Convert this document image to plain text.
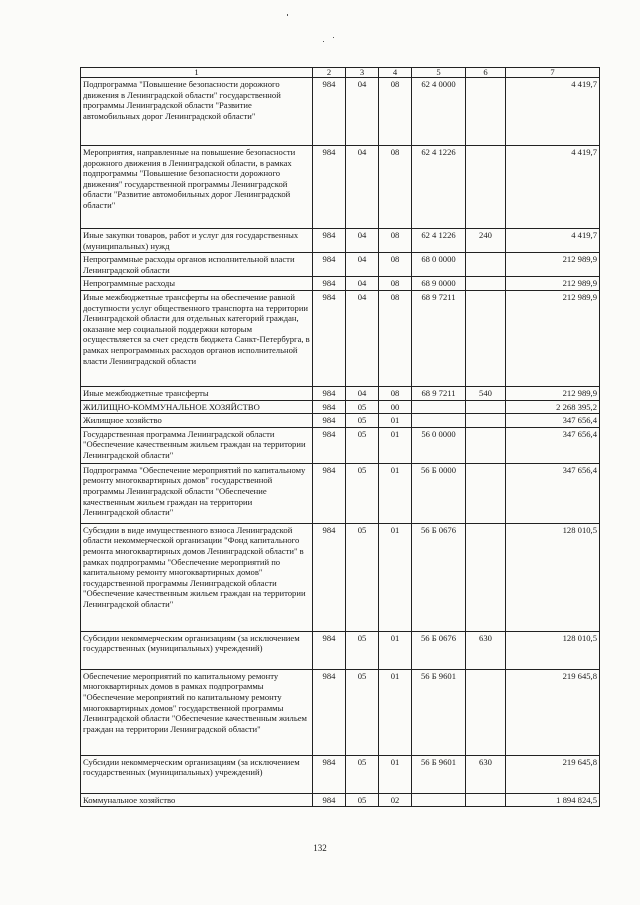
1	2	3	4	5	6	7
Подпрограмма "Повышение безопасности дорожного движения в Ленинградской области" государственной программы Ленинградской области "Развитие автомобильных дорог Ленинградской области"	984	04	08	62 4 0000		4 419,7
Мероприятия, направленные на повышение безопасности дорожного движения в Ленинградской области, в рамках подпрограммы "Повышение безопасности дорожного движения" государственной программы Ленинградской области "Развитие автомобильных дорог Ленинградской области"	984	04	08	62 4 1226		4 419,7
Иные закупки товаров, работ и услуг для государственных (муниципальных) нужд	984	04	08	62 4 1226	240	4 419,7
Непрограммные расходы органов исполнительной власти Ленинградской области	984	04	08	68 0 0000		212 989,9
Непрограммные расходы	984	04	08	68 9 0000		212 989,9
Иные межбюджетные трансферты на обеспечение равной доступности услуг общественного транспорта на территории Ленинградской области для отдельных категорий граждан, оказание мер социальной поддержки которым осуществляется за счет средств бюджета Санкт-Петербурга, в рамках непрограммных расходов органов исполнительной власти Ленинградской области	984	04	08	68 9 7211		212 989,9
Иные межбюджетные трансферты	984	04	08	68 9 7211	540	212 989,9
ЖИЛИЩНО-КОММУНАЛЬНОЕ ХОЗЯЙСТВО	984	05	00			2 268 395,2
Жилищное хозяйство	984	05	01			347 656,4
Государственная программа Ленинградской области "Обеспечение качественным жильем граждан на территории Ленинградской области"	984	05	01	56 0 0000		347 656,4
Подпрограмма "Обеспечение мероприятий по капитальному ремонту многоквартирных домов" государственной программы Ленинградской области "Обеспечение качественным жильем граждан на территории Ленинградской области"	984	05	01	56 Б 0000		347 656,4
Субсидии в виде имущественного взноса Ленинградской области некоммерческой организации "Фонд капитального ремонта многоквартирных домов Ленинградской области" в рамках подпрограммы "Обеспечение мероприятий по капитальному ремонту многоквартирных домов" государственной программы Ленинградской области "Обеспечение качественным жильем граждан на территории Ленинградской области"	984	05	01	56 Б 0676		128 010,5
Субсидии некоммерческим организациям (за исключением государственных (муниципальных) учреждений)	984	05	01	56 Б 0676	630	128 010,5
Обеспечение мероприятий по капитальному ремонту многоквартирных домов в рамках подпрограммы "Обеспечение мероприятий по капитальному ремонту многоквартирных домов" государственной программы Ленинградской области "Обеспечение качественным жильем граждан на территории Ленинградской области"	984	05	01	56 Б 9601		219 645,8
Субсидии некоммерческим организациям (за исключением государственных (муниципальных) учреждений)	984	05	01	56 Б 9601	630	219 645,8
Коммунальное хозяйство	984	05	02			1 894 824,5
132
